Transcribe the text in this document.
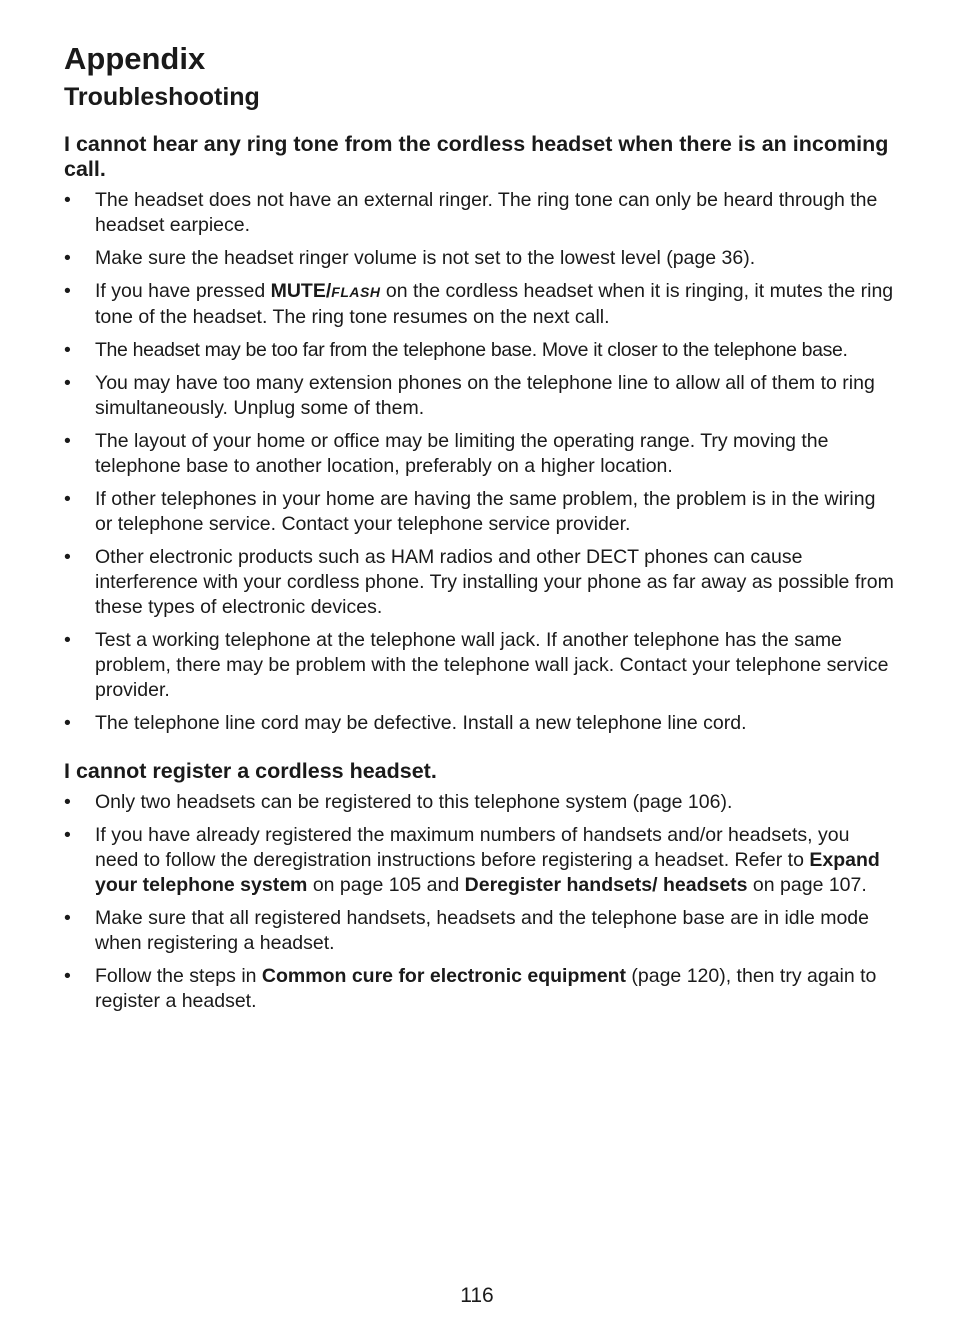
Appendix
Troubleshooting
I cannot hear any ring tone from the cordless headset when there is an incoming call.
• The headset does not have an external ringer. The ring tone can only be heard through the headset earpiece.
• Make sure the headset ringer volume is not set to the lowest level (page 36).
• If you have pressed MUTE/FLASH on the cordless headset when it is ringing, it mutes the ring tone of the headset. The ring tone resumes on the next call.
• The headset may be too far from the telephone base. Move it closer to the telephone base.
• You may have too many extension phones on the telephone line to allow all of them to ring simultaneously. Unplug some of them.
• The layout of your home or office may be limiting the operating range. Try moving the telephone base to another location, preferably on a higher location.
• If other telephones in your home are having the same problem, the problem is in the wiring or telephone service. Contact your telephone service provider.
• Other electronic products such as HAM radios and other DECT phones can cause interference with your cordless phone. Try installing your phone as far away as possible from these types of electronic devices.
• Test a working telephone at the telephone wall jack. If another telephone has the same problem, there may be problem with the telephone wall jack. Contact your telephone service provider.
• The telephone line cord may be defective. Install a new telephone line cord.
I cannot register a cordless headset.
• Only two headsets can be registered to this telephone system (page 106).
• If you have already registered the maximum numbers of handsets and/or headsets, you need to follow the deregistration instructions before registering a headset. Refer to Expand your telephone system on page 105 and Deregister handsets/ headsets on page 107.
• Make sure that all registered handsets, headsets and the telephone base are in idle mode when registering a headset.
• Follow the steps in Common cure for electronic equipment (page 120), then try again to register a headset.
116
